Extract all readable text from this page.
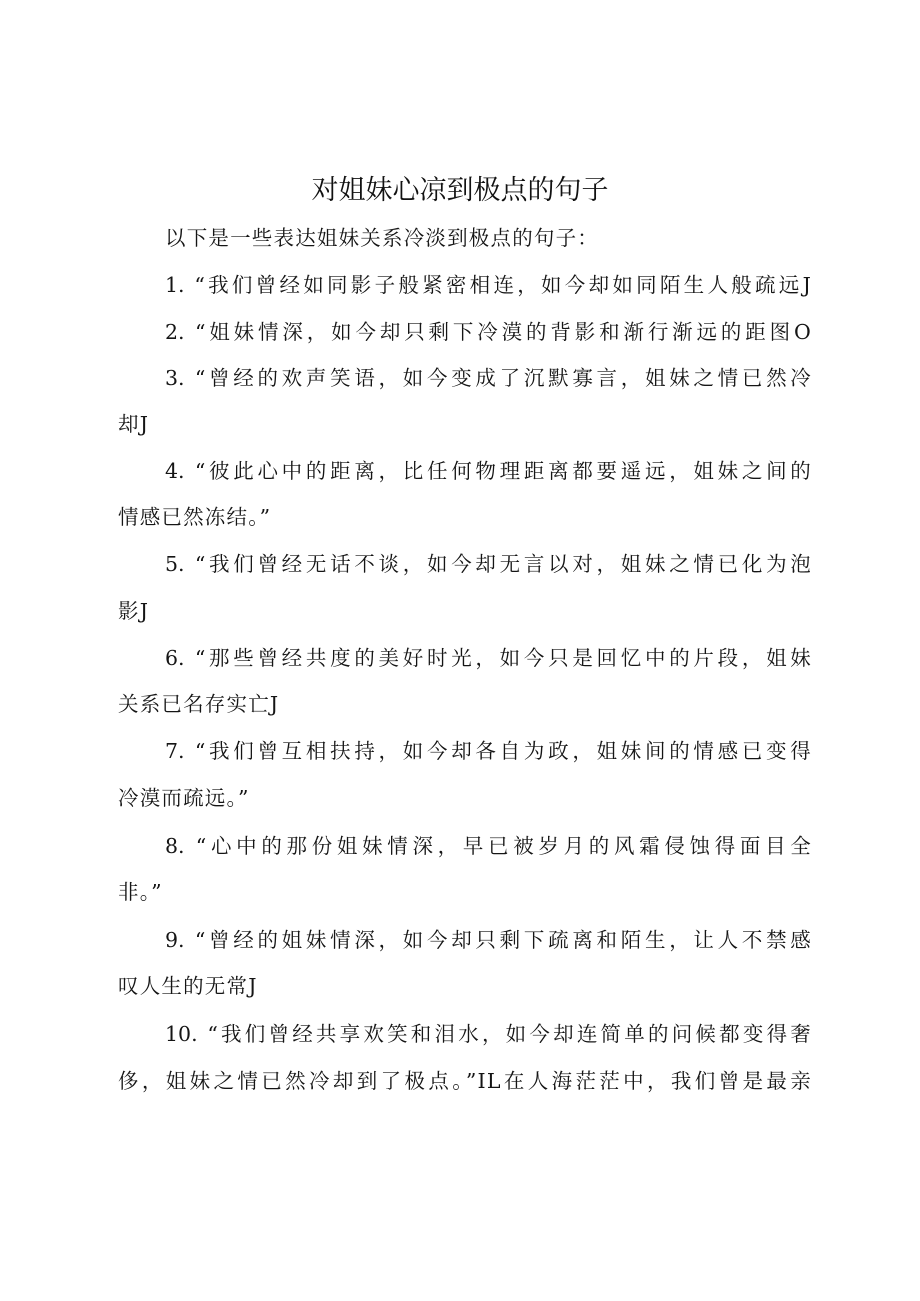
对姐妹心凉到极点的句子
以下是一些表达姐妹关系冷淡到极点的句子：
1. “我们曾经如同影子般紧密相连，如今却如同陌生人般疏远J
2. “姐妹情深，如今却只剩下冷漠的背影和渐行渐远的距图O
3. “曾经的欢声笑语，如今变成了沉默寡言，姐妹之情已然冷
却J
4. “彼此心中的距离，比任何物理距离都要遥远，姐妹之间的
情感已然冻结。”
5. “我们曾经无话不谈，如今却无言以对，姐妹之情已化为泡
影J
6. “那些曾经共度的美好时光，如今只是回忆中的片段，姐妹
关系已名存实亡J
7. “我们曾互相扶持，如今却各自为政，姐妹间的情感已变得
冷漠而疏远。”
8. “心中的那份姐妹情深，早已被岁月的风霜侵蚀得面目全
非。”
9. “曾经的姐妹情深，如今却只剩下疏离和陌生，让人不禁感
叹人生的无常J
10. “我们曾经共享欢笑和泪水，如今却连简单的问候都变得奢
侈，姐妹之情已然冷却到了极点。”IL在人海茫茫中，我们曾是最亲
